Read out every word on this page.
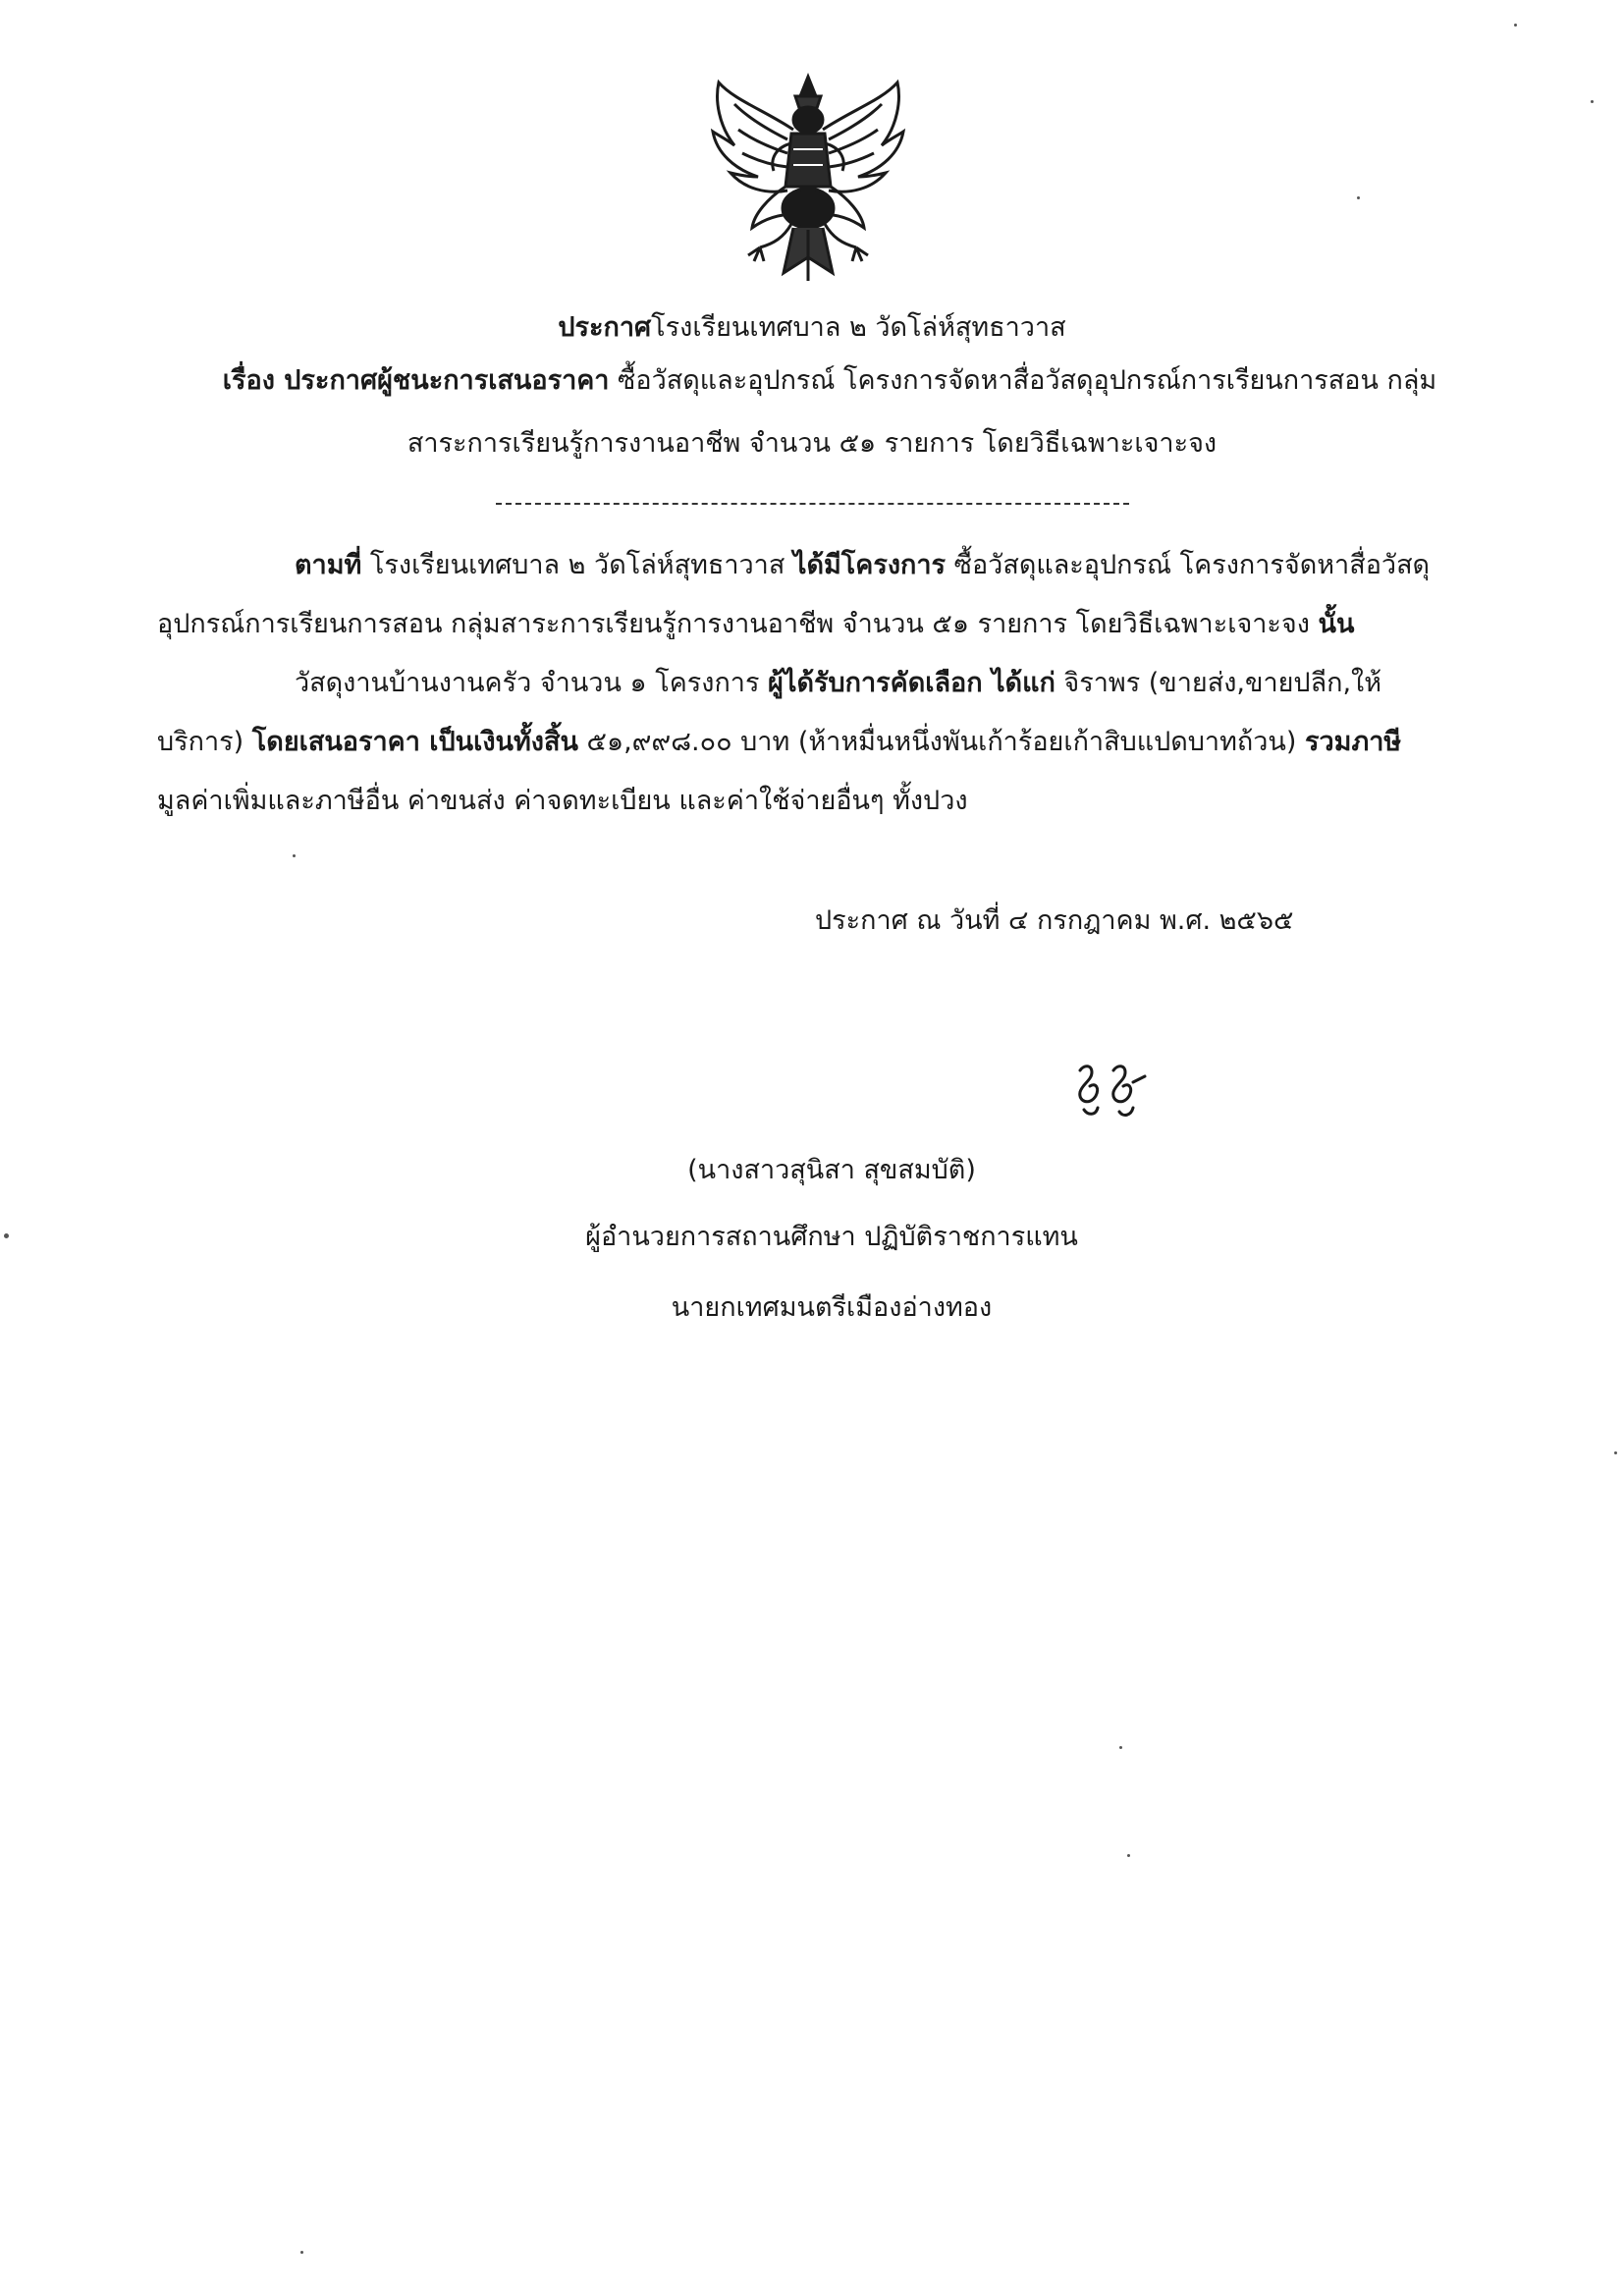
ประกาศโรงเรียนเทศบาล ๒ วัดโล่ห์สุทธาวาส
เรื่อง ประกาศผู้ชนะการเสนอราคา ซื้อวัสดุและอุปกรณ์ โครงการจัดหาสื่อวัสดุอุปกรณ์การเรียนการสอน กลุ่ม
สาระการเรียนรู้การงานอาชีพ จำนวน ๕๑ รายการ โดยวิธีเฉพาะเจาะจง
ตามที่ โรงเรียนเทศบาล ๒ วัดโล่ห์สุทธาวาส ได้มีโครงการ ซื้อวัสดุและอุปกรณ์ โครงการจัดหาสื่อวัสดุ
อุปกรณ์การเรียนการสอน กลุ่มสาระการเรียนรู้การงานอาชีพ จำนวน ๕๑ รายการ โดยวิธีเฉพาะเจาะจง นั้น
วัสดุงานบ้านงานครัว จำนวน ๑ โครงการ ผู้ได้รับการคัดเลือก ได้แก่ จิราพร (ขายส่ง,ขายปลีก,ให้
บริการ) โดยเสนอราคา เป็นเงินทั้งสิ้น ๕๑,๙๙๘.๐๐ บาท (ห้าหมื่นหนึ่งพันเก้าร้อยเก้าสิบแปดบาทถ้วน) รวมภาษี
มูลค่าเพิ่มและภาษีอื่น ค่าขนส่ง ค่าจดทะเบียน และค่าใช้จ่ายอื่นๆ ทั้งปวง
ประกาศ ณ วันที่ ๔ กรกฎาคม พ.ศ. ๒๕๖๕
(นางสาวสุนิสา สุขสมบัติ)
ผู้อำนวยการสถานศึกษา ปฏิบัติราชการแทน
นายกเทศมนตรีเมืองอ่างทอง
